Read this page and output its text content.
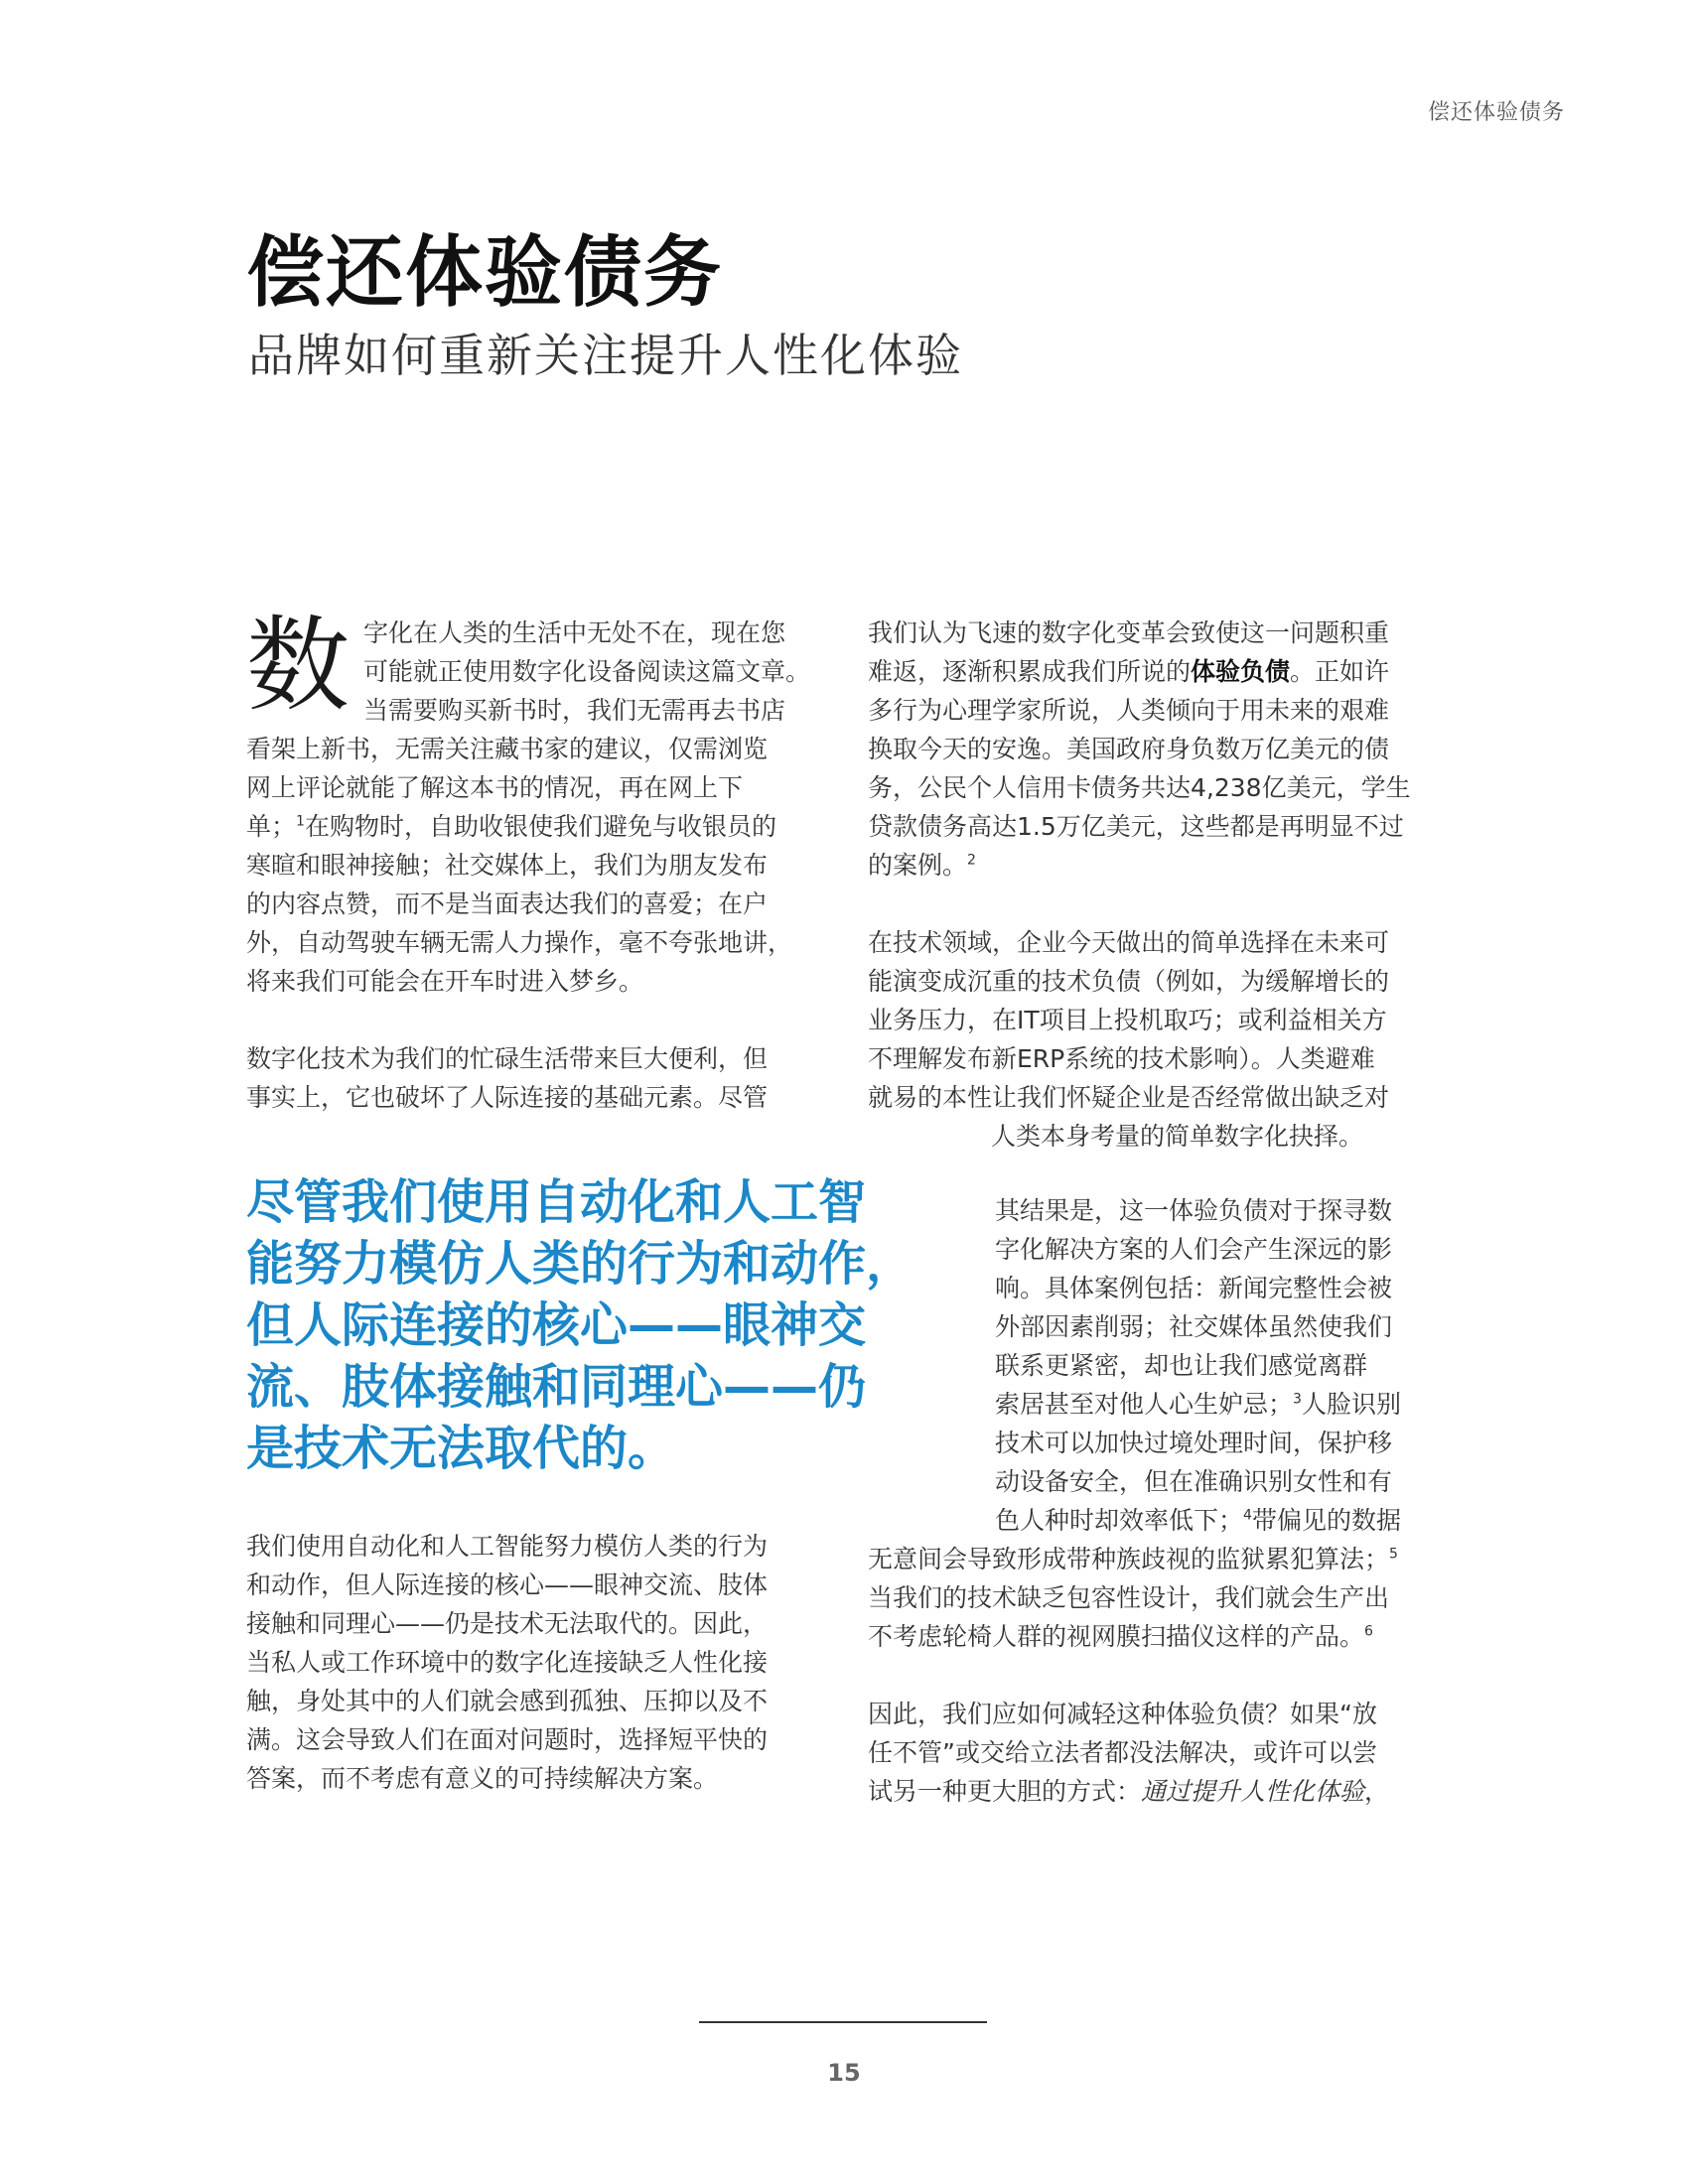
偿还体验债务
偿还体验债务
品牌如何重新关注提升人性化体验

数 字化在人类的生活中无处不在，现在您
可能就正使用数字化设备阅读这篇文章。
当需要购买新书时，我们无需再去书店
看架上新书，无需关注藏书家的建议，仅需浏览
网上评论就能了解这本书的情况，再在网上下
单；$^1$在购物时，自助收银使我们避免与收银员的
寒暄和眼神接触；社交媒体上，我们为朋友发布
的内容点赞，而不是当面表达我们的喜爱；在户
外，自动驾驶车辆无需人力操作，毫不夸张地讲，
将来我们可能会在开车时进入梦乡。

数字化技术为我们的忙碌生活带来巨大便利，但
事实上，它也破坏了人际连接的基础元素。尽管

尽管我们使用自动化和人工智
能努力模仿人类的行为和动作，
但人际连接的核心——眼神交
流、肢体接触和同理心——仍
是技术无法取代的。

我们使用自动化和人工智能努力模仿人类的行为
和动作，但人际连接的核心——眼神交流、肢体
接触和同理心——仍是技术无法取代的。因此，
当私人或工作环境中的数字化连接缺乏人性化接
触，身处其中的人们就会感到孤独、压抑以及不
满。这会导致人们在面对问题时，选择短平快的
答案，而不考虑有意义的可持续解决方案。

我们认为飞速的数字化变革会致使这一问题积重
难返，逐渐积累成我们所说的体验负债。正如许
多行为心理学家所说，人类倾向于用未来的艰难
换取今天的安逸。美国政府身负数万亿美元的债
务，公民个人信用卡债务共达4,238亿美元，学生
贷款债务高达1.5万亿美元，这些都是再明显不过
的案例。$^2$

在技术领域，企业今天做出的简单选择在未来可
能演变成沉重的技术负债（例如，为缓解增长的
业务压力，在IT项目上投机取巧；或利益相关方
不理解发布新ERP系统的技术影响）。人类避难
就易的本性让我们怀疑企业是否经常做出缺乏对
人类本身考量的简单数字化抉择。

其结果是，这一体验负债对于探寻数
字化解决方案的人们会产生深远的影
响。具体案例包括：新闻完整性会被
外部因素削弱；社交媒体虽然使我们
联系更紧密，却也让我们感觉离群
索居甚至对他人心生妒忌；$^3$人脸识别
技术可以加快过境处理时间，保护移
动设备安全，但在准确识别女性和有
色人种时却效率低下；$^4$带偏见的数据

无意间会导致形成带种族歧视的监狱累犯算法；$^5$
当我们的技术缺乏包容性设计，我们就会生产出
不考虑轮椅人群的视网膜扫描仪这样的产品。$^6$

因此，我们应如何减轻这种体验负债？如果“放
任不管”或交给立法者都没法解决，或许可以尝
试另一种更大胆的方式：通过提升人性化体验，

15
